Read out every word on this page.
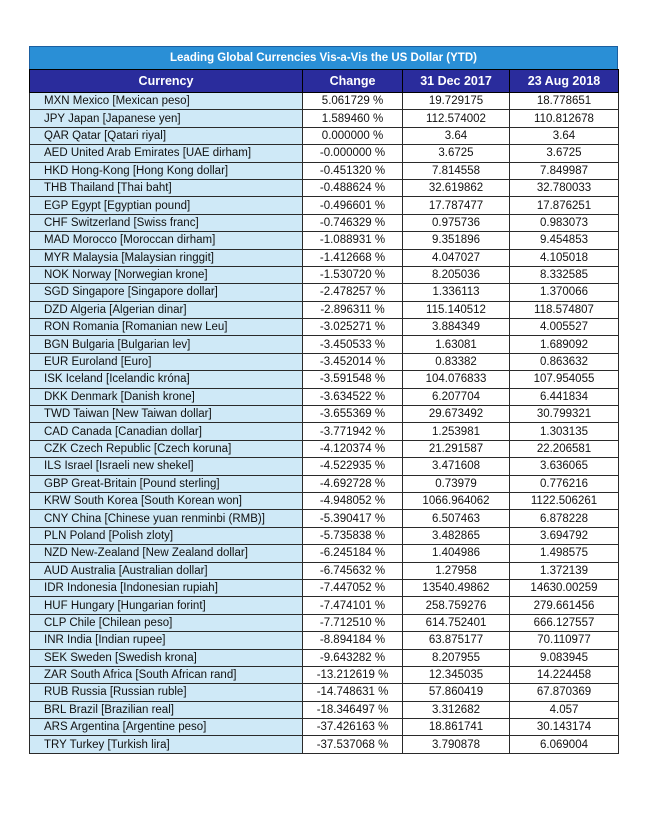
Leading Global Currencies Vis-a-Vis the US Dollar (YTD)
Currency	Change	31 Dec 2017	23 Aug 2018
MXN Mexico [Mexican peso]	5.061729 %	19.729175	18.778651
JPY Japan [Japanese yen]	1.589460 %	112.574002	110.812678
QAR Qatar [Qatari riyal]	0.000000 %	3.64	3.64
AED United Arab Emirates [UAE dirham]	-0.000000 %	3.6725	3.6725
HKD Hong-Kong [Hong Kong dollar]	-0.451320 %	7.814558	7.849987
THB Thailand [Thai baht]	-0.488624 %	32.619862	32.780033
EGP Egypt [Egyptian pound]	-0.496601 %	17.787477	17.876251
CHF Switzerland [Swiss franc]	-0.746329 %	0.975736	0.983073
MAD Morocco [Moroccan dirham]	-1.088931 %	9.351896	9.454853
MYR Malaysia [Malaysian ringgit]	-1.412668 %	4.047027	4.105018
NOK Norway [Norwegian krone]	-1.530720 %	8.205036	8.332585
SGD Singapore [Singapore dollar]	-2.478257 %	1.336113	1.370066
DZD Algeria [Algerian dinar]	-2.896311 %	115.140512	118.574807
RON Romania [Romanian new Leu]	-3.025271 %	3.884349	4.005527
BGN Bulgaria [Bulgarian lev]	-3.450533 %	1.63081	1.689092
EUR Euroland [Euro]	-3.452014 %	0.83382	0.863632
ISK Iceland [Icelandic króna]	-3.591548 %	104.076833	107.954055
DKK Denmark [Danish krone]	-3.634522 %	6.207704	6.441834
TWD Taiwan [New Taiwan dollar]	-3.655369 %	29.673492	30.799321
CAD Canada [Canadian dollar]	-3.771942 %	1.253981	1.303135
CZK Czech Republic [Czech koruna]	-4.120374 %	21.291587	22.206581
ILS Israel [Israeli new shekel]	-4.522935 %	3.471608	3.636065
GBP Great-Britain [Pound sterling]	-4.692728 %	0.73979	0.776216
KRW South Korea [South Korean won]	-4.948052 %	1066.964062	1122.506261
CNY China [Chinese yuan renminbi (RMB)]	-5.390417 %	6.507463	6.878228
PLN Poland [Polish zloty]	-5.735838 %	3.482865	3.694792
NZD New-Zealand [New Zealand dollar]	-6.245184 %	1.404986	1.498575
AUD Australia [Australian dollar]	-6.745632 %	1.27958	1.372139
IDR Indonesia [Indonesian rupiah]	-7.447052 %	13540.49862	14630.00259
HUF Hungary [Hungarian forint]	-7.474101 %	258.759276	279.661456
CLP Chile [Chilean peso]	-7.712510 %	614.752401	666.127557
INR India [Indian rupee]	-8.894184 %	63.875177	70.110977
SEK Sweden [Swedish krona]	-9.643282 %	8.207955	9.083945
ZAR South Africa [South African rand]	-13.212619 %	12.345035	14.224458
RUB Russia [Russian ruble]	-14.748631 %	57.860419	67.870369
BRL Brazil [Brazilian real]	-18.346497 %	3.312682	4.057
ARS Argentina [Argentine peso]	-37.426163 %	18.861741	30.143174
TRY Turkey [Turkish lira]	-37.537068 %	3.790878	6.069004
